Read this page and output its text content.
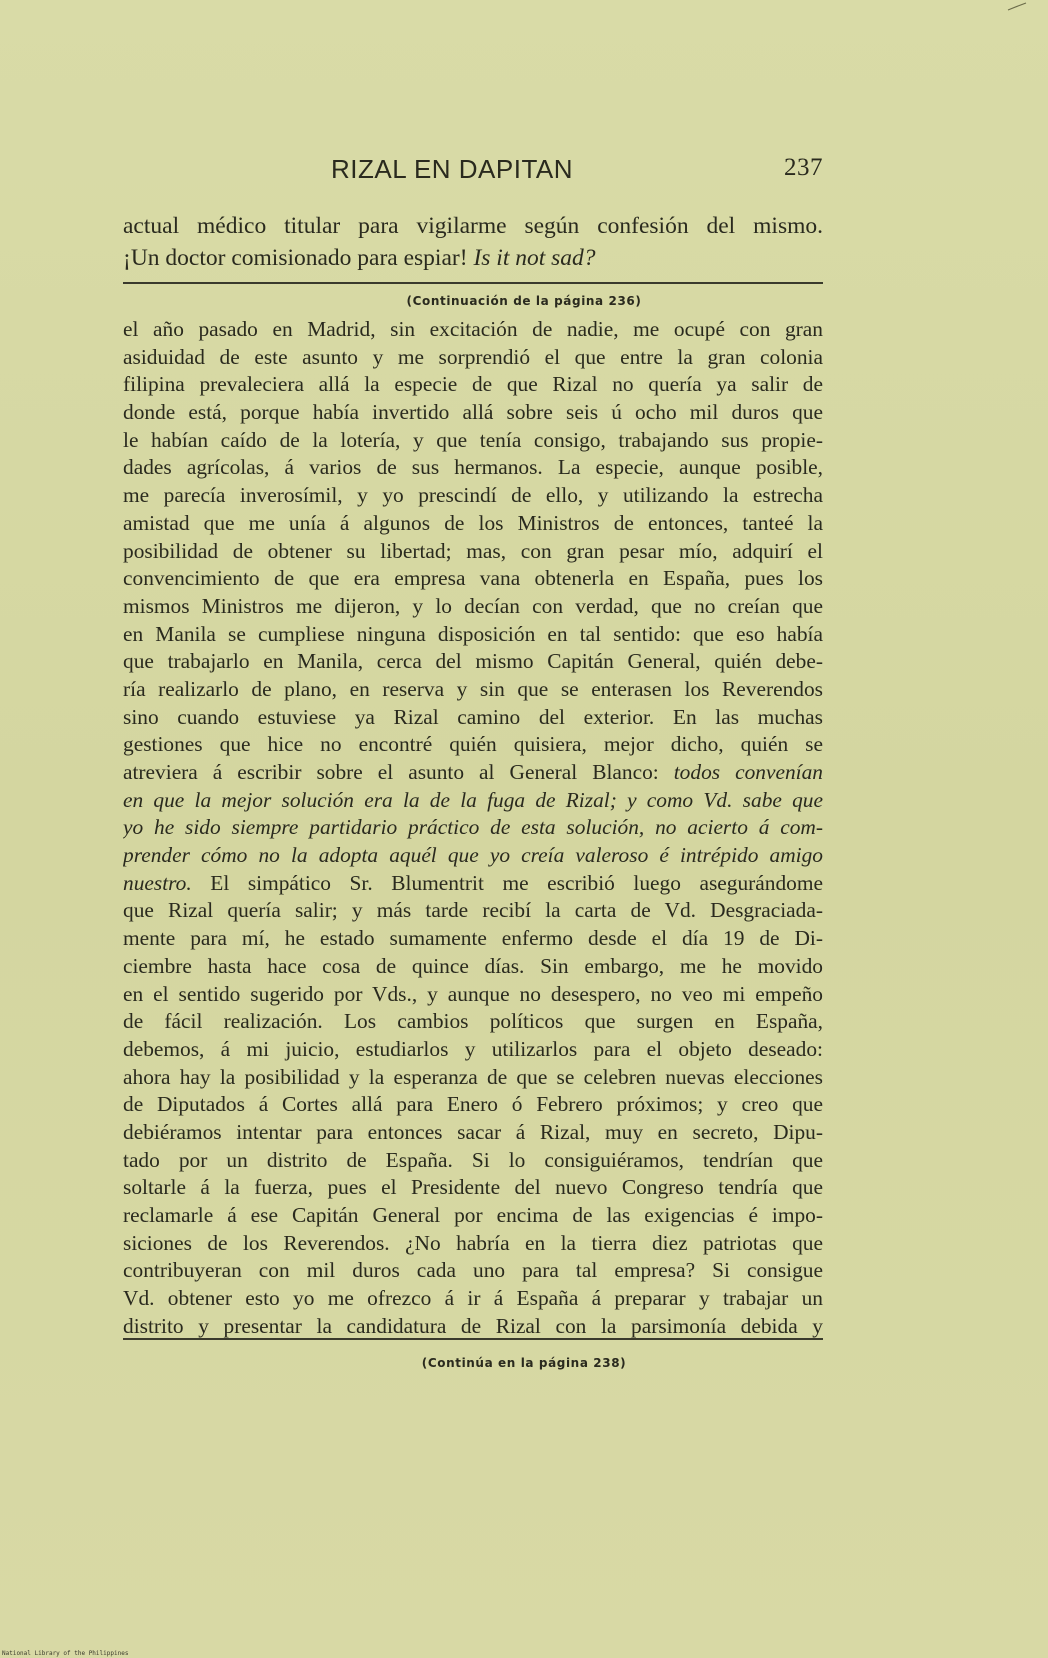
RIZAL EN DAPITAN	237
actual médico titular para vigilarme según confesión del mismo.
¡Un doctor comisionado para espiar! Is it not sad?
(Continuación de la página 236)
el año pasado en Madrid, sin excitación de nadie, me ocupé con gran
asiduidad de este asunto y me sorprendió el que entre la gran colonia
filipina prevaleciera allá la especie de que Rizal no quería ya salir de
donde está, porque había invertido allá sobre seis ú ocho mil duros que
le habían caído de la lotería, y que tenía consigo, trabajando sus propie-
dades agrícolas, á varios de sus hermanos. La especie, aunque posible,
me parecía inverosímil, y yo prescindí de ello, y utilizando la estrecha
amistad que me unía á algunos de los Ministros de entonces, tanteé la
posibilidad de obtener su libertad; mas, con gran pesar mío, adquirí el
convencimiento de que era empresa vana obtenerla en España, pues los
mismos Ministros me dijeron, y lo decían con verdad, que no creían que
en Manila se cumpliese ninguna disposición en tal sentido: que eso había
que trabajarlo en Manila, cerca del mismo Capitán General, quién debe-
ría realizarlo de plano, en reserva y sin que se enterasen los Reverendos
sino cuando estuviese ya Rizal camino del exterior. En las muchas
gestiones que hice no encontré quién quisiera, mejor dicho, quién se
atreviera á escribir sobre el asunto al General Blanco: todos convenían
en que la mejor solución era la de la fuga de Rizal; y como Vd. sabe que
yo he sido siempre partidario práctico de esta solución, no acierto á com-
prender cómo no la adopta aquél que yo creía valeroso é intrépido amigo
nuestro. El simpático Sr. Blumentrit me escribió luego asegurándome
que Rizal quería salir; y más tarde recibí la carta de Vd. Desgraciada-
mente para mí, he estado sumamente enfermo desde el día 19 de Di-
ciembre hasta hace cosa de quince días. Sin embargo, me he movido
en el sentido sugerido por Vds., y aunque no desespero, no veo mi empeño
de fácil realización. Los cambios políticos que surgen en España,
debemos, á mi juicio, estudiarlos y utilizarlos para el objeto deseado:
ahora hay la posibilidad y la esperanza de que se celebren nuevas elecciones
de Diputados á Cortes allá para Enero ó Febrero próximos; y creo que
debiéramos intentar para entonces sacar á Rizal, muy en secreto, Dipu-
tado por un distrito de España. Si lo consiguiéramos, tendrían que
soltarle á la fuerza, pues el Presidente del nuevo Congreso tendría que
reclamarle á ese Capitán General por encima de las exigencias é impo-
siciones de los Reverendos. ¿No habría en la tierra diez patriotas que
contribuyeran con mil duros cada uno para tal empresa? Si consigue
Vd. obtener esto yo me ofrezco á ir á España á preparar y trabajar un
distrito y presentar la candidatura de Rizal con la parsimonía debida y
(Continúa en la página 238)
National Library of the Philippines
